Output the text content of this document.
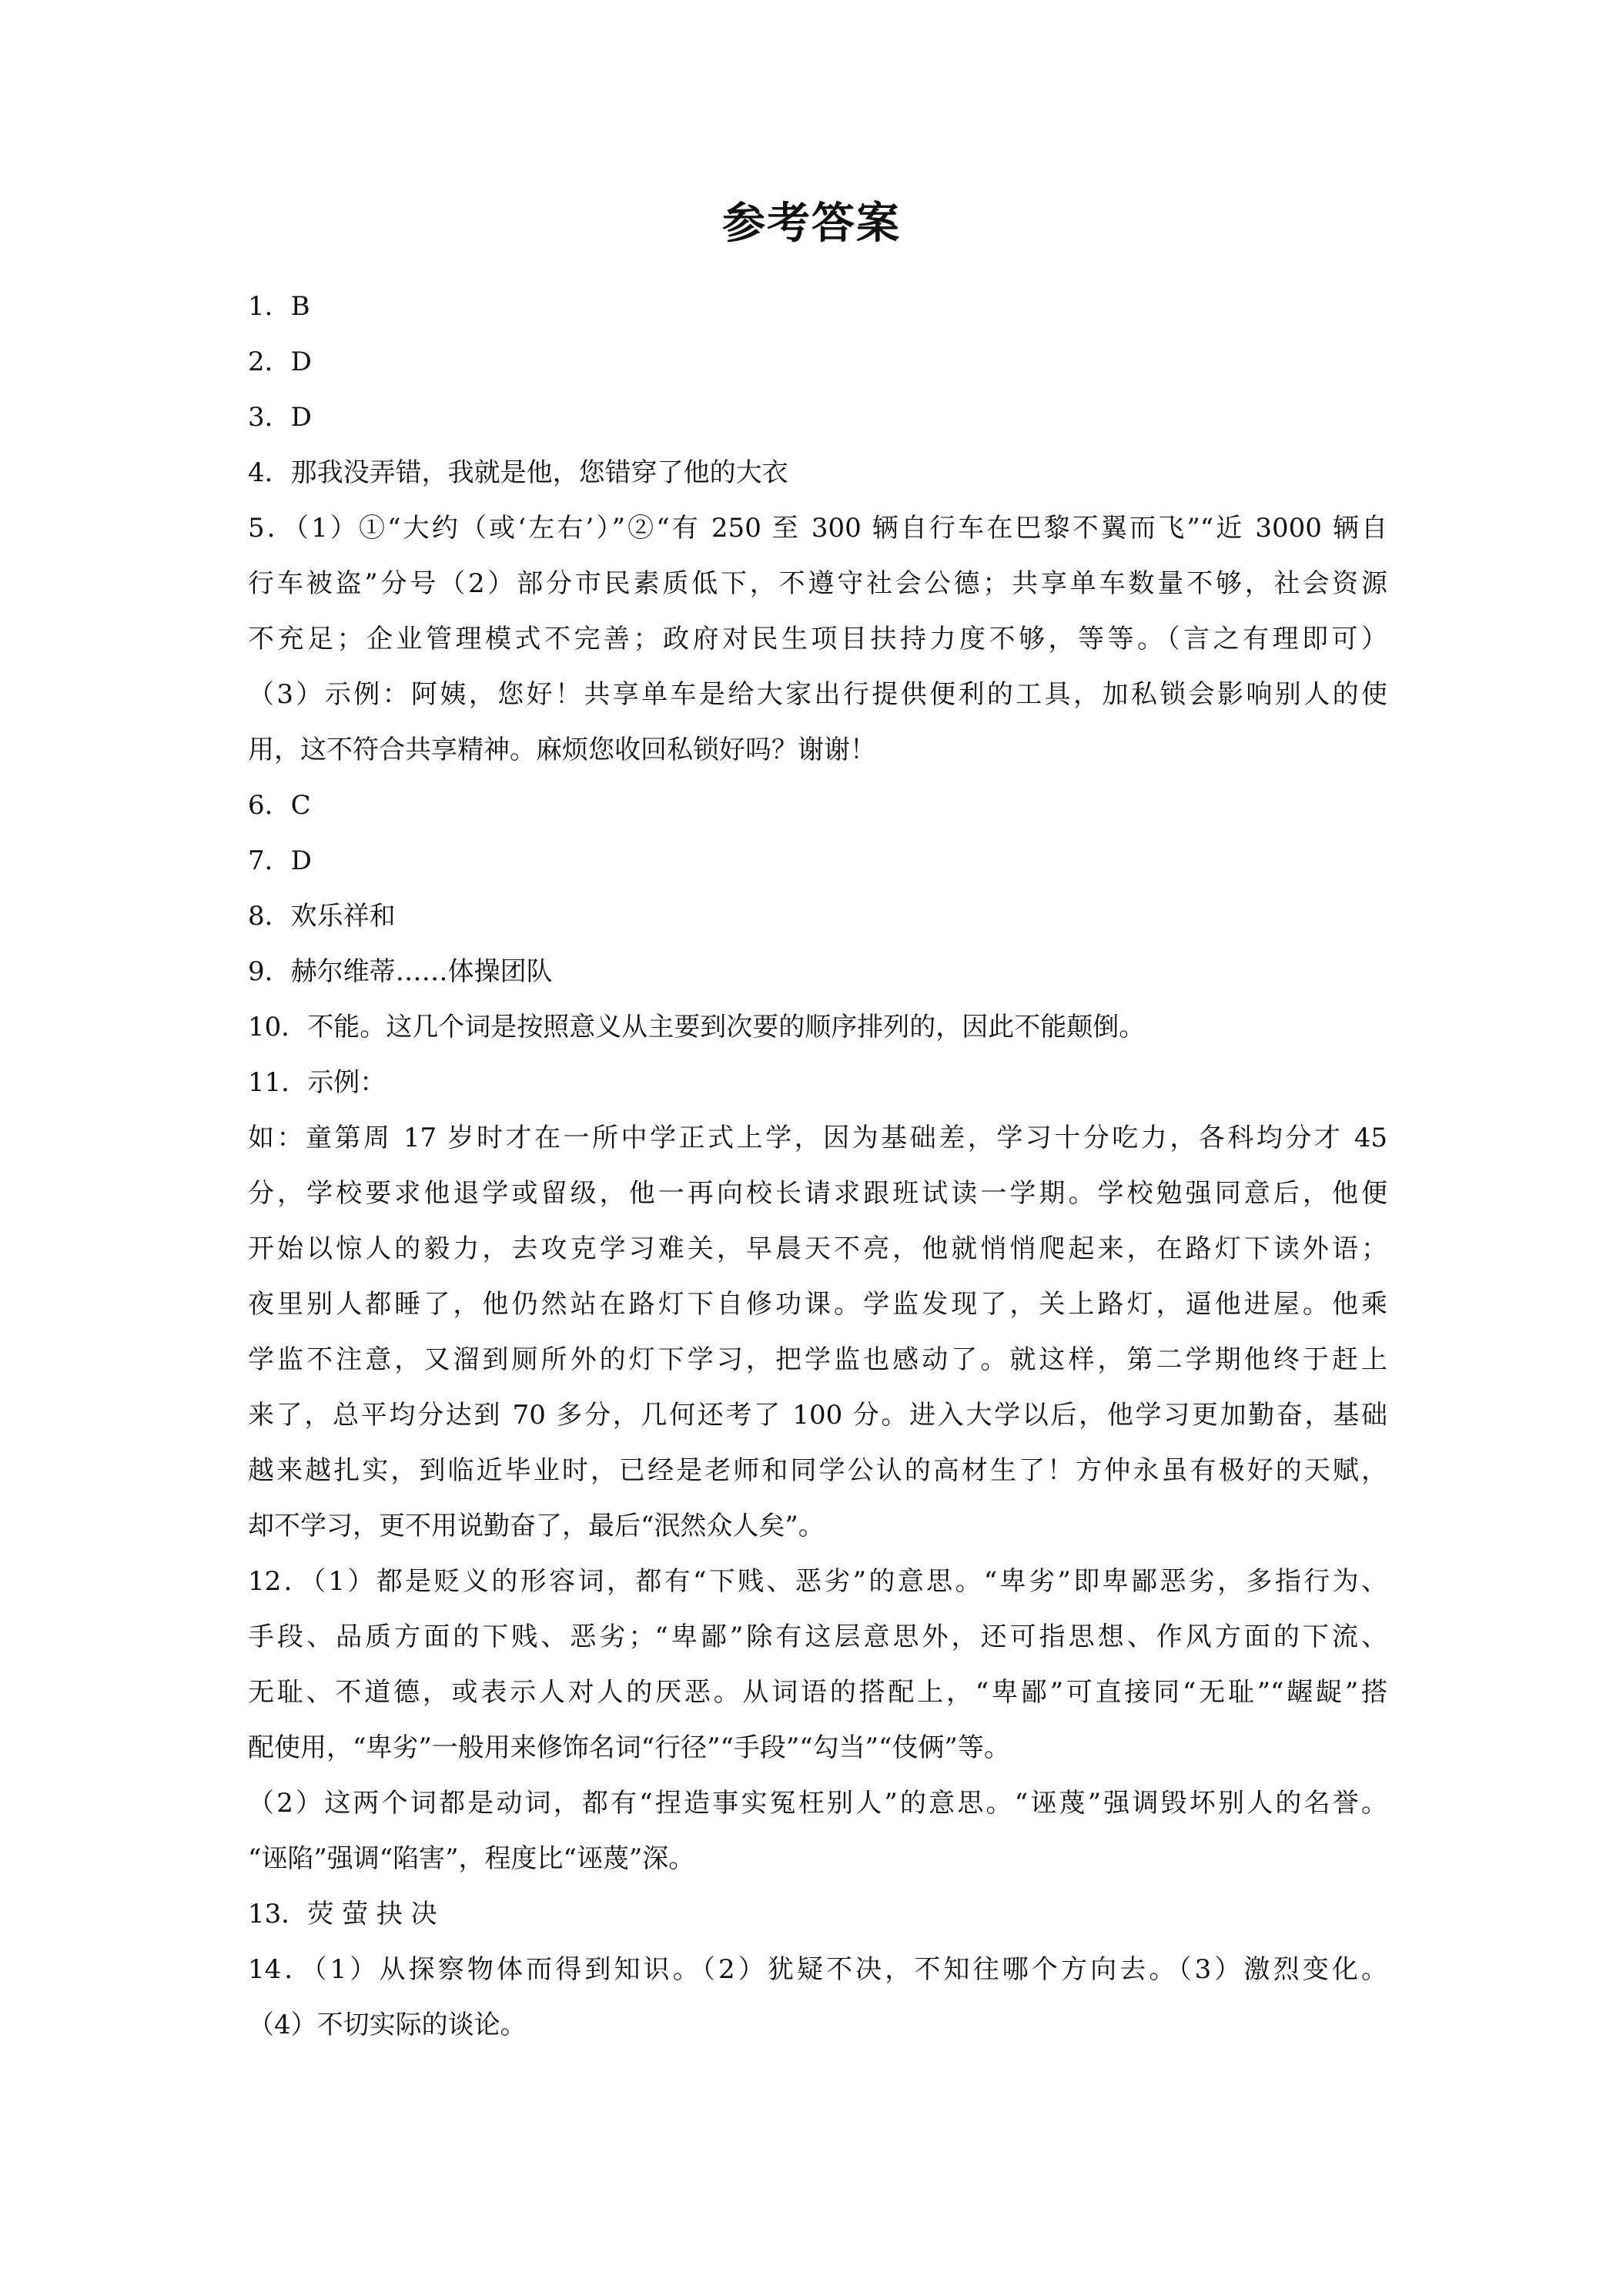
参考答案
1．B
2．D
3．D
4．那我没弄错，我就是他，您错穿了他的大衣
5．（1）①“大约（或‘左右’）”②“有 250 至 300 辆自行车在巴黎不翼而飞”“近 3000 辆自
行车被盗”分号（2）部分市民素质低下，不遵守社会公德；共享单车数量不够，社会资源
不充足；企业管理模式不完善；政府对民生项目扶持力度不够，等等。（言之有理即可）
（3）示例：阿姨，您好！共享单车是给大家出行提供便利的工具，加私锁会影响别人的使
用，这不符合共享精神。麻烦您收回私锁好吗？谢谢！
6．C
7．D
8．欢乐祥和
9．赫尔维蒂……体操团队
10．不能。这几个词是按照意义从主要到次要的顺序排列的，因此不能颠倒。
11．示例：
如：童第周 17 岁时才在一所中学正式上学，因为基础差，学习十分吃力，各科均分才 45
分，学校要求他退学或留级，他一再向校长请求跟班试读一学期。学校勉强同意后，他便
开始以惊人的毅力，去攻克学习难关，早晨天不亮，他就悄悄爬起来，在路灯下读外语；
夜里别人都睡了，他仍然站在路灯下自修功课。学监发现了，关上路灯，逼他进屋。他乘
学监不注意，又溜到厕所外的灯下学习，把学监也感动了。就这样，第二学期他终于赶上
来了，总平均分达到 70 多分，几何还考了 100 分。进入大学以后，他学习更加勤奋，基础
越来越扎实，到临近毕业时，已经是老师和同学公认的高材生了！方仲永虽有极好的天赋，
却不学习，更不用说勤奋了，最后“泯然众人矣”。
12．（1）都是贬义的形容词，都有“下贱、恶劣”的意思。“卑劣”即卑鄙恶劣，多指行为、
手段、品质方面的下贱、恶劣；“卑鄙”除有这层意思外，还可指思想、作风方面的下流、
无耻、不道德，或表示人对人的厌恶。从词语的搭配上，“卑鄙”可直接同“无耻”“龌龊”搭
配使用，“卑劣”一般用来修饰名词“行径”“手段”“勾当”“伎俩”等。
（2）这两个词都是动词，都有“捏造事实冤枉别人”的意思。“诬蔑”强调毁坏别人的名誉。
“诬陷”强调“陷害”，程度比“诬蔑”深。
13．荧 萤 抉 决
14．（1）从探察物体而得到知识。（2）犹疑不决，不知往哪个方向去。（3）激烈变化。
（4）不切实际的谈论。
